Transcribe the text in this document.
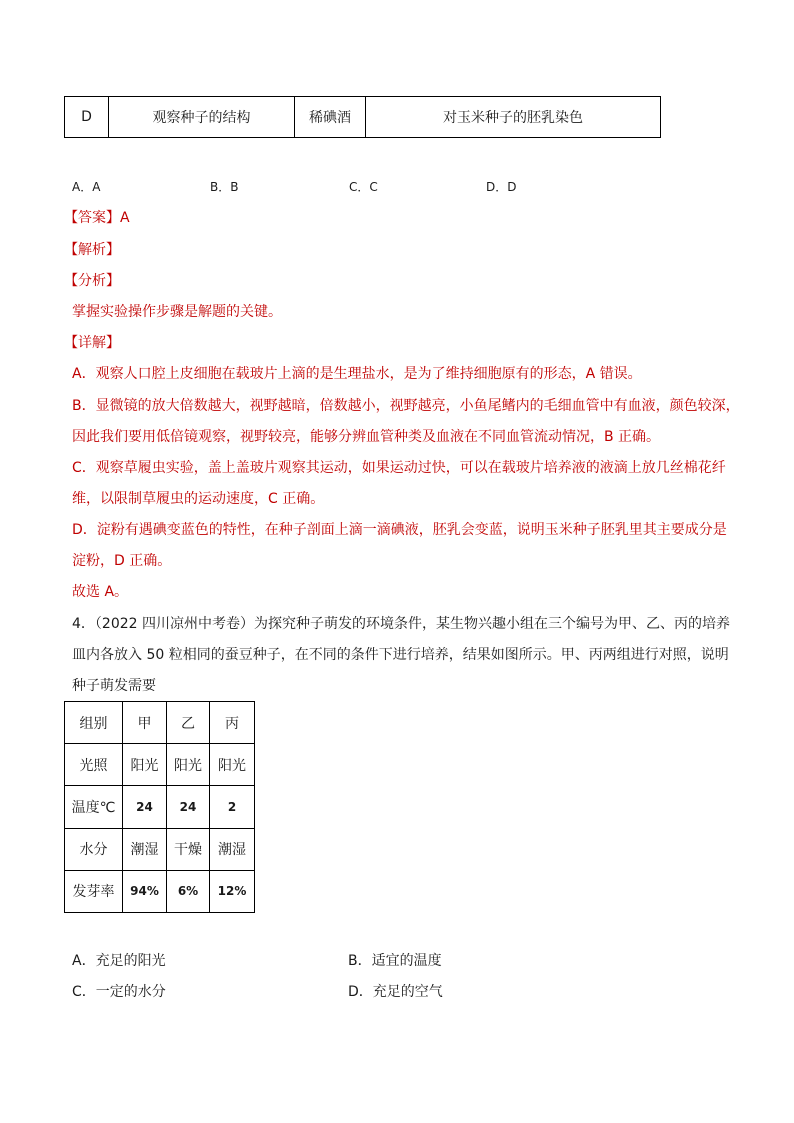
D	观察种子的结构	稀碘酒	对玉米种子的胚乳染色
A．A	B．B	C．C	D．D
【答案】A
【解析】
【分析】
掌握实验操作步骤是解题的关键。
【详解】
A．观察人口腔上皮细胞在载玻片上滴的是生理盐水，是为了维持细胞原有的形态，A 错误。
B．显微镜的放大倍数越大，视野越暗，倍数越小，视野越亮，小鱼尾鳍内的毛细血管中有血液，颜色较深，
因此我们要用低倍镜观察，视野较亮，能够分辨血管种类及血液在不同血管流动情况，B 正确。
C．观察草履虫实验，盖上盖玻片观察其运动，如果运动过快，可以在载玻片培养液的液滴上放几丝棉花纤
维，以限制草履虫的运动速度，C 正确。
D．淀粉有遇碘变蓝色的特性，在种子剖面上滴一滴碘液，胚乳会变蓝，说明玉米种子胚乳里其主要成分是
淀粉，D 正确。
故选 A。
4．（2022 四川凉州中考卷）为探究种子萌发的环境条件，某生物兴趣小组在三个编号为甲、乙、丙的培养
皿内各放入 50 粒相同的蚕豆种子，在不同的条件下进行培养，结果如图所示。甲、丙两组进行对照，说明
种子萌发需要
组别	甲	乙	丙
光照	阳光	阳光	阳光
温度℃	24	24	2
水分	潮湿	干燥	潮湿
发芽率	94%	6%	12%
A．充足的阳光	B．适宜的温度
C．一定的水分	D．充足的空气
